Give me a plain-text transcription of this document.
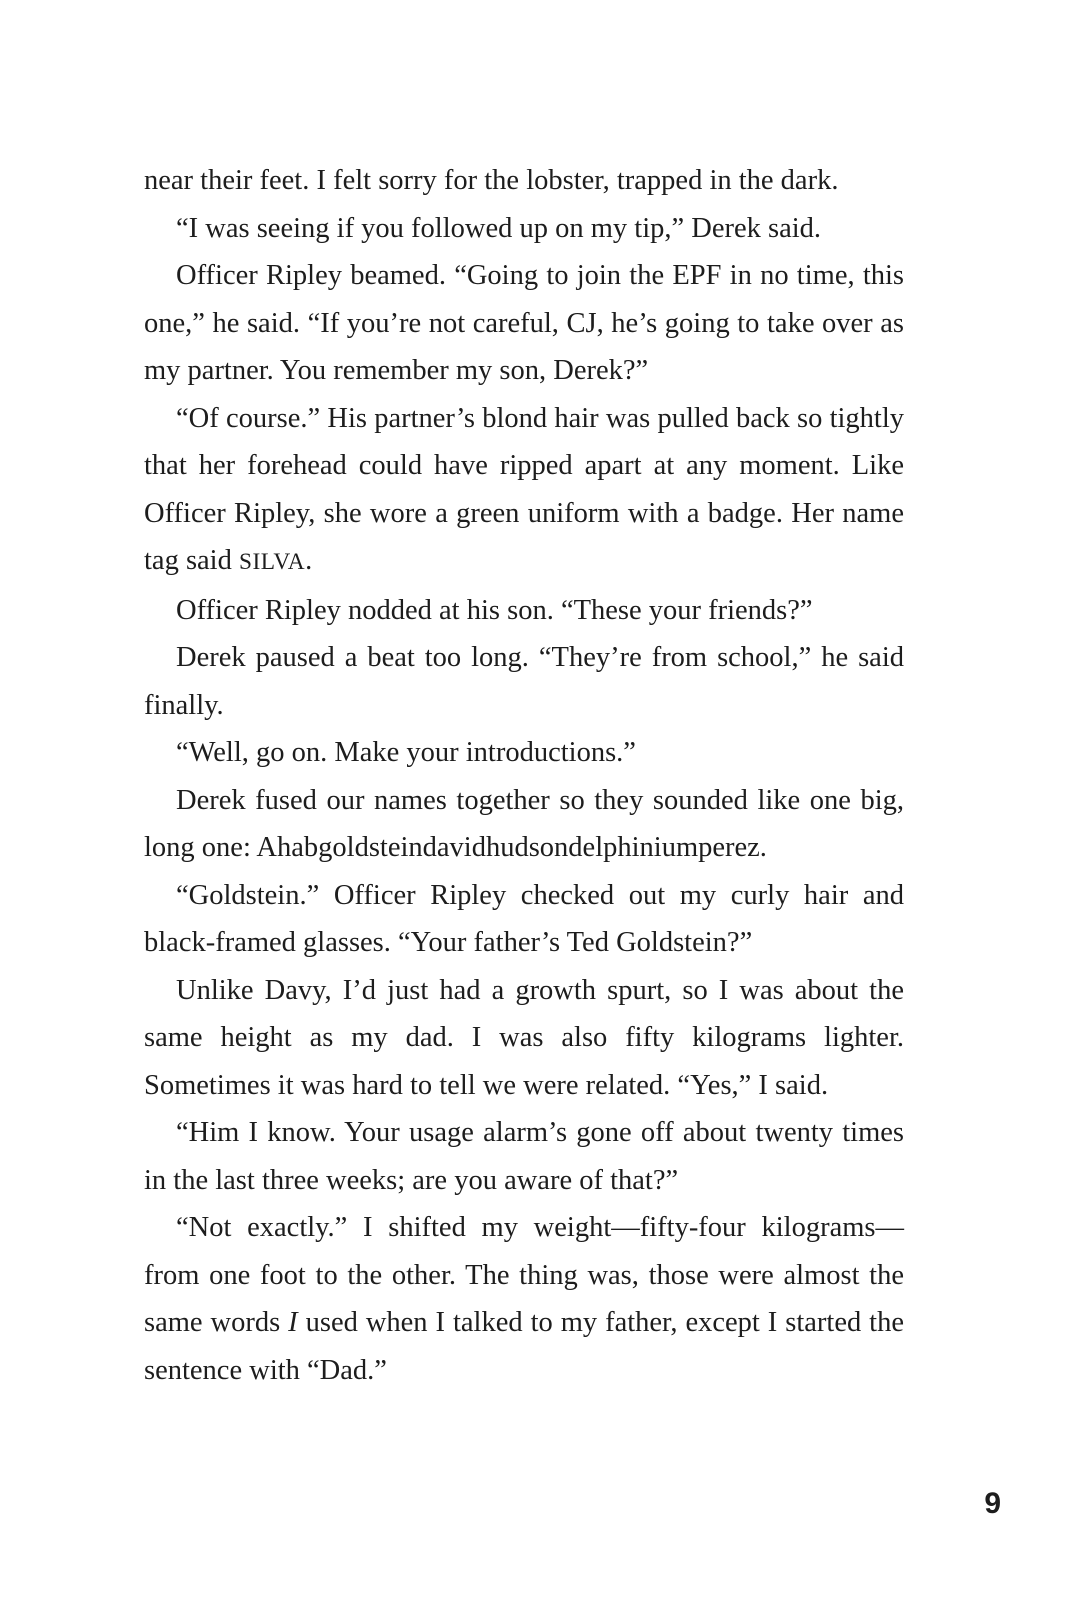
near their feet. I felt sorry for the lobster, trapped in the dark.

“I was seeing if you followed up on my tip,” Derek said.

Officer Ripley beamed. “Going to join the EPF in no time, this one,” he said. “If you’re not careful, CJ, he’s going to take over as my partner. You remember my son, Derek?”

“Of course.” His partner’s blond hair was pulled back so tightly that her forehead could have ripped apart at any moment. Like Officer Ripley, she wore a green uniform with a badge. Her name tag said SILVA.

Officer Ripley nodded at his son. “These your friends?”

Derek paused a beat too long. “They’re from school,” he said finally.

“Well, go on. Make your introductions.”

Derek fused our names together so they sounded like one big, long one: Ahabgoldsteindavidhudsondelphiniumperez.

“Goldstein.” Officer Ripley checked out my curly hair and black-framed glasses. “Your father’s Ted Goldstein?”

Unlike Davy, I’d just had a growth spurt, so I was about the same height as my dad. I was also fifty kilograms lighter. Sometimes it was hard to tell we were related. “Yes,” I said.

“Him I know. Your usage alarm’s gone off about twenty times in the last three weeks; are you aware of that?”

“Not exactly.” I shifted my weight—fifty-four kilograms—from one foot to the other. The thing was, those were almost the same words I used when I talked to my father, except I started the sentence with “Dad.”

9
